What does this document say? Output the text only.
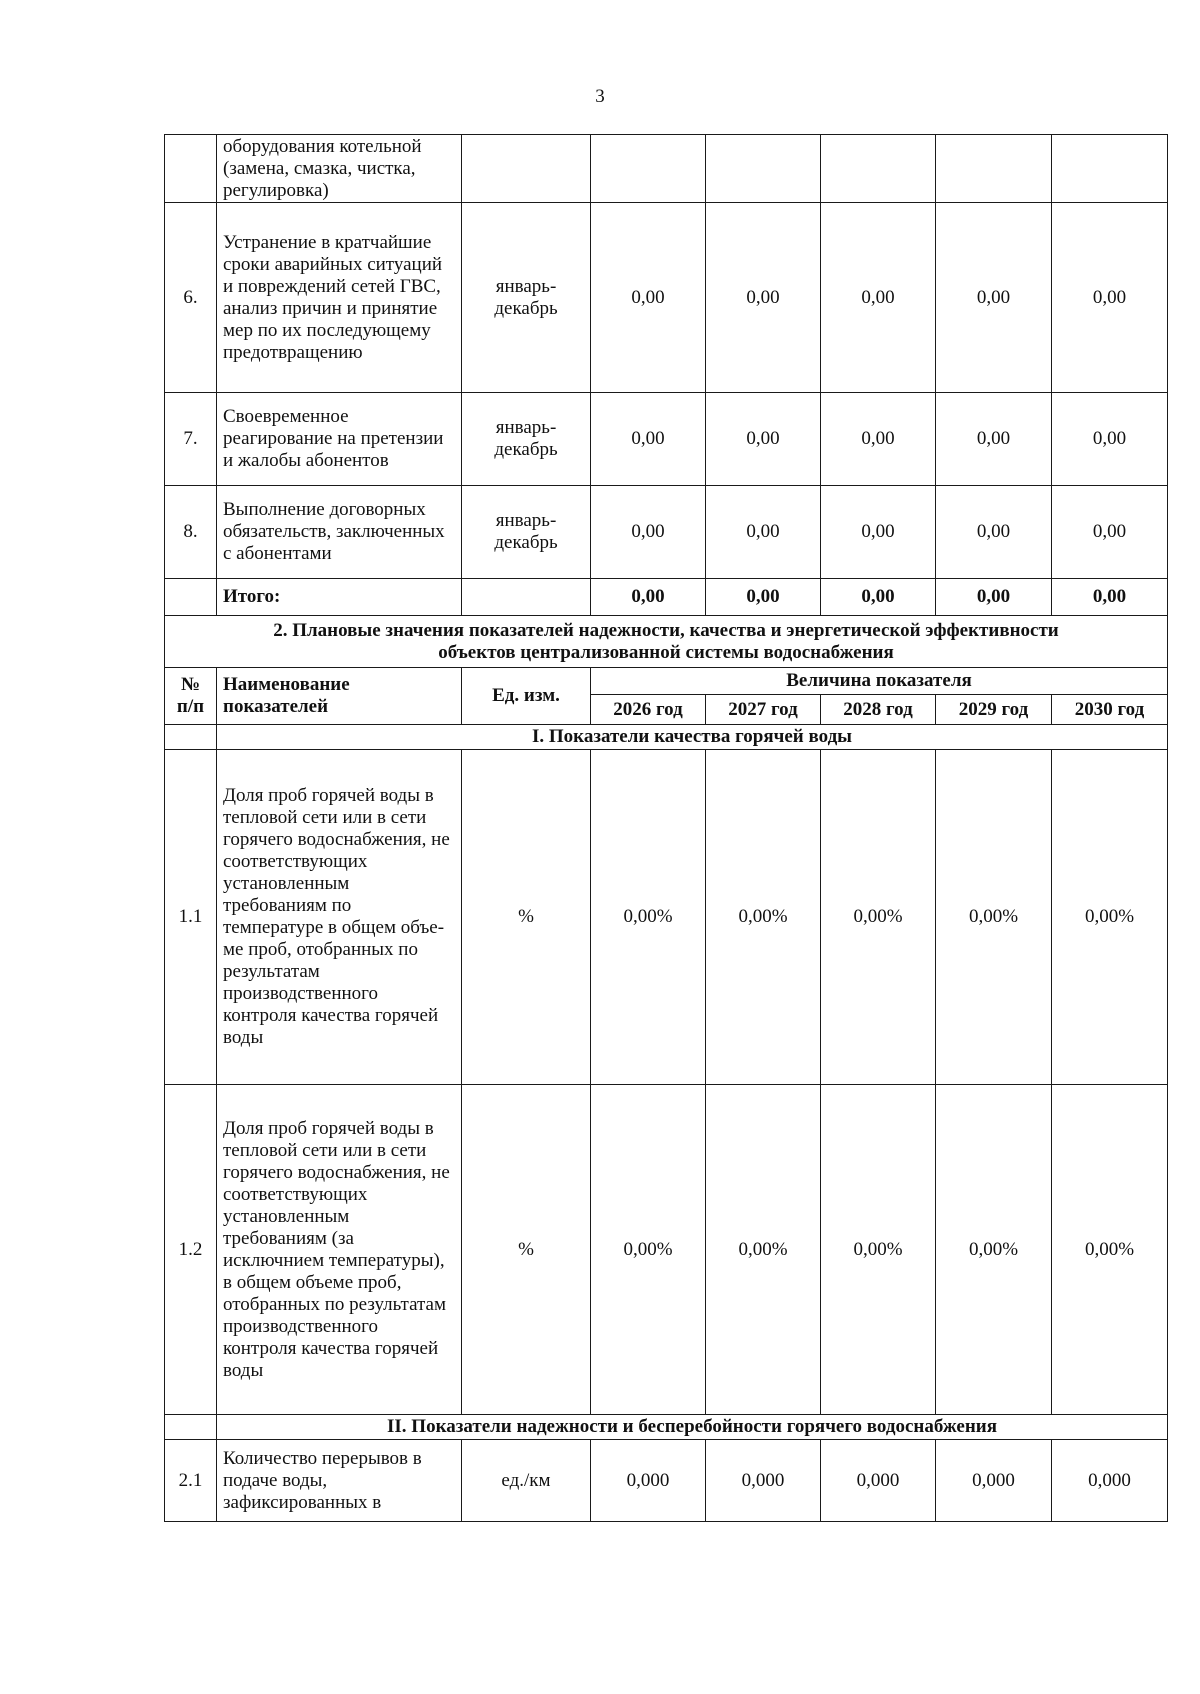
3
	оборудования котельной (замена, смазка, чистка, регулировка)						
6.	Устранение в кратчайшие сроки аварийных ситуаций и повреждений сетей ГВС, анализ причин и принятие мер по их последующему предотвращению	январь-декабрь	0,00	0,00	0,00	0,00	0,00
7.	Своевременное реагирование на претензии и жалобы абонентов	январь-декабрь	0,00	0,00	0,00	0,00	0,00
8.	Выполнение договорных обязательств, заключенных с абонентами	январь-декабрь	0,00	0,00	0,00	0,00	0,00
	Итого:		0,00	0,00	0,00	0,00	0,00
2. Плановые значения показателей надежности, качества и энергетической эффективности объектов централизованной системы водоснабжения							
№ п/п	Наименование показателей	Ед. изм.	Величина показателя				
			2026 год	2027 год	2028 год	2029 год	2030 год
	I. Показатели качества горячей воды						
1.1	Доля проб горячей воды в тепловой сети или в сети горячего водоснабжения, не соответствующих установленным требованиям по температуре в общем объе-ме проб, отобранных по результатам производственного контроля качества горячей воды	%	0,00%	0,00%	0,00%	0,00%	0,00%
1.2	Доля проб горячей воды в тепловой сети или в сети горячего водоснабжения, не соответствующих установленным требованиям (за исключнием температуры), в общем объеме проб, отобранных по результатам производственного контроля качества горячей воды	%	0,00%	0,00%	0,00%	0,00%	0,00%
	II. Показатели надежности и бесперебойности горячего водоснабжения						
2.1	Количество перерывов в подаче воды, зафиксированных в	ед./км	0,000	0,000	0,000	0,000	0,000
